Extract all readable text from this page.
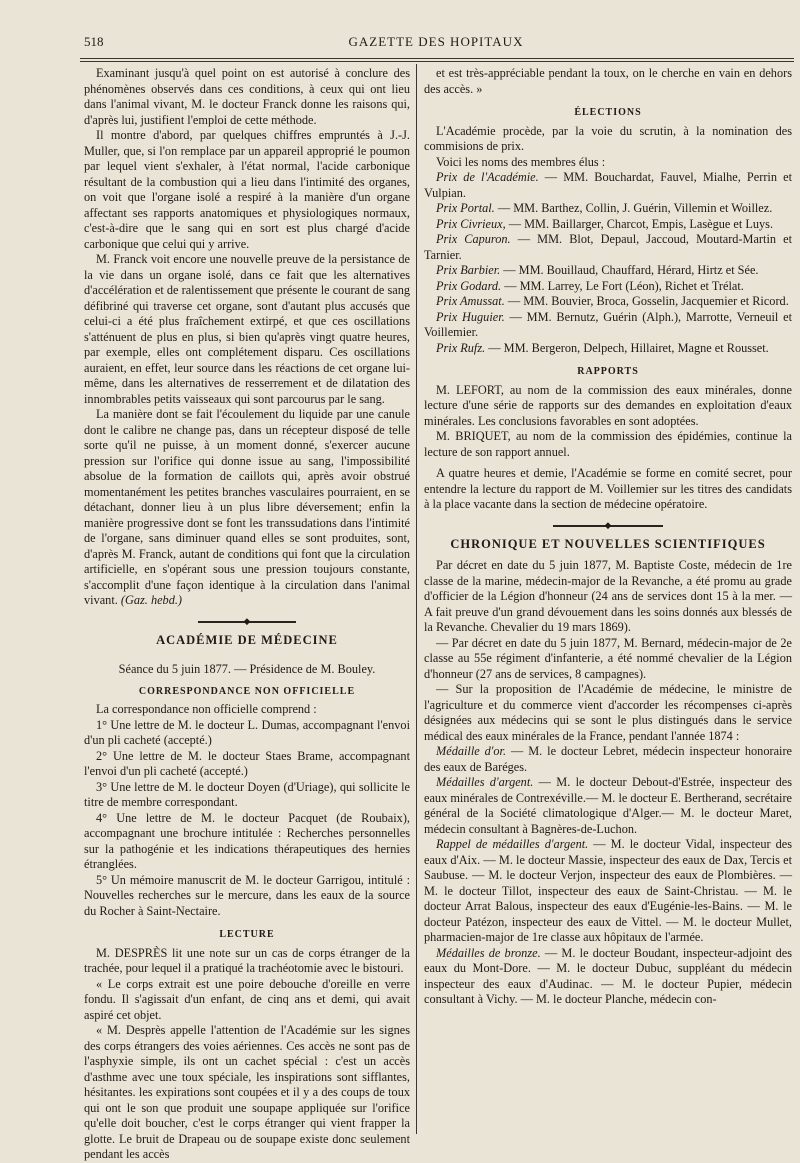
518	GAZETTE DES HOPITAUX

Examinant jusqu'à quel point on est autorisé à conclure des phénomènes observés dans ces conditions, à ceux qui ont lieu dans l'animal vivant, M. le docteur Franck donne les raisons qui, d'après lui, justifient l'emploi de cette méthode.

Il montre d'abord, par quelques chiffres empruntés à J.-J. Muller, que, si l'on remplace par un appareil approprié le poumon par lequel vient s'exhaler, à l'état normal, l'acide carbonique résultant de la combustion qui a lieu dans l'intimité des organes, on voit que l'organe isolé a respiré à la manière d'un organe affectant ses rapports anatomiques et physiologiques normaux, c'est-à-dire que le sang qui en sort est plus chargé d'acide carbonique que celui qui y arrive.

M. Franck voit encore une nouvelle preuve de la persistance de la vie dans un organe isolé, dans ce fait que les alternatives d'accélération et de ralentissement que présente le courant de sang défibriné qui traverse cet organe, sont d'autant plus accusés que celui-ci a été plus fraîchement extirpé, et que ces oscillations s'atténuent de plus en plus, si bien qu'après vingt quatre heures, par exemple, elles ont complétement disparu. Ces oscillations auraient, en effet, leur source dans les réactions de cet organe lui-même, dans les alternatives de resserrement et de dilatation des innombrables petits vaisseaux qui sont parcourus par le sang.

La manière dont se fait l'écoulement du liquide par une canule dont le calibre ne change pas, dans un récepteur disposé de telle sorte qu'il ne puisse, à un moment donné, s'exercer aucune pression sur l'orifice qui donne issue au sang, l'impossibilité absolue de la formation de caillots qui, après avoir obstrué momentanément les petites branches vasculaires pourraient, en se détachant, donner lieu à un plus libre déversement; enfin la manière progressive dont se font les transsudations dans l'intimité de l'organe, sans diminuer quand elles se sont produites, sont, d'après M. Franck, autant de conditions qui font que la circulation artificielle, en s'opérant sous une pression toujours constante, s'accomplit d'une façon identique à la circulation dans l'animal vivant. (Gaz. hebd.)

◆
ACADÉMIE DE MÉDECINE
Séance du 5 juin 1877. — Présidence de M. Bouley.
CORRESPONDANCE NON OFFICIELLE

La correspondance non officielle comprend :

1° Une lettre de M. le docteur L. Dumas, accompagnant l'envoi d'un pli cacheté (accepté.)

2° Une lettre de M. le docteur Staes Brame, accompagnant l'envoi d'un pli cacheté (accepté.)

3° Une lettre de M. le docteur Doyen (d'Uriage), qui sollicite le titre de membre correspondant.

4° Une lettre de M. le docteur Pacquet (de Roubaix), accompagnant une brochure intitulée : Recherches personnelles sur la pathogénie et les indications thérapeutiques des hernies étranglées.

5° Un mémoire manuscrit de M. le docteur Garrigou, intitulé : Nouvelles recherches sur le mercure, dans les eaux de la source du Rocher à Saint-Nectaire.

LECTURE

M. DESPRÈS lit une note sur un cas de corps étranger de la trachée, pour lequel il a pratiqué la trachéotomie avec le bistouri.

« Le corps extrait est une poire debouche d'oreille en verre fondu. Il s'agissait d'un enfant, de cinq ans et demi, qui avait aspiré cet objet.

« M. Desprès appelle l'attention de l'Académie sur les signes des corps étrangers des voies aériennes. Ces accès ne sont pas de l'asphyxie simple, ils ont un cachet spécial : c'est un accès d'asthme avec une toux spéciale, les inspirations sont sifflantes, hésitantes. les expirations sont coupées et il y a des coups de toux qui ont le son que produit une soupape appliquée sur l'orifice qu'elle doit boucher, c'est le corps étranger qui vient frapper la glotte. Le bruit de Drapeau ou de soupape existe donc seulement pendant les accès

et est très-appréciable pendant la toux, on le cherche en vain en dehors des accès. »

ÉLECTIONS

L'Académie procède, par la voie du scrutin, à la nomination des commisions de prix.

Voici les noms des membres élus :

Prix de l'Académie. — MM. Bouchardat, Fauvel, Mialhe, Perrin et Vulpian.

Prix Portal. — MM. Barthez, Collin, J. Guérin, Villemin et Woillez.

Prix Civrieux, — MM. Baillarger, Charcot, Empis, Lasègue et Luys.

Prix Capuron. — MM. Blot, Depaul, Jaccoud, Moutard-Martin et Tarnier.

Prix Barbier. — MM. Bouillaud, Chauffard, Hérard, Hirtz et Sée.

Prix Godard. — MM. Larrey, Le Fort (Léon), Richet et Trélat.

Prix Amussat. — MM. Bouvier, Broca, Gosselin, Jacquemier et Ricord.

Prix Huguier. — MM. Bernutz, Guérin (Alph.), Marrotte, Verneuil et Voillemier.

Prix Rufz. — MM. Bergeron, Delpech, Hillairet, Magne et Rousset.

RAPPORTS

M. LEFORT, au nom de la commission des eaux minérales, donne lecture d'une série de rapports sur des demandes en exploitation d'eaux minérales. Les conclusions favorables en sont adoptées.

M. BRIQUET, au nom de la commission des épidémies, continue la lecture de son rapport annuel.

A quatre heures et demie, l'Académie se forme en comité secret, pour entendre la lecture du rapport de M. Voillemier sur les titres des candidats à la place vacante dans la section de médecine opératoire.

◆
CHRONIQUE ET NOUVELLES SCIENTIFIQUES

Par décret en date du 5 juin 1877, M. Baptiste Coste, médecin de 1re classe de la marine, médecin-major de la Revanche, a été promu au grade d'officier de la Légion d'honneur (24 ans de services dont 15 à la mer. — A fait preuve d'un grand dévouement dans les soins donnés aux blessés de la Revanche. Chevalier du 19 mars 1869).

— Par décret en date du 5 juin 1877, M. Bernard, médecin-major de 2e classe au 55e régiment d'infanterie, a été nommé chevalier de la Légion d'honneur (27 ans de services, 8 campagnes).

— Sur la proposition de l'Académie de médecine, le ministre de l'agriculture et du commerce vient d'accorder les récompenses ci-après désignées aux médecins qui se sont le plus distingués dans le service médical des eaux minérales de la France, pendant l'année 1874 :

Médaille d'or. — M. le docteur Lebret, médecin inspecteur honoraire des eaux de Baréges.

Médailles d'argent. — M. le docteur Debout-d'Estrée, inspecteur des eaux minérales de Contrexéville.— M. le docteur E. Bertherand, secrétaire général de la Société climatologique d'Alger.— M. le docteur Maret, médecin consultant à Bagnères-de-Luchon.

Rappel de médailles d'argent. — M. le docteur Vidal, inspecteur des eaux d'Aix. — M. le docteur Massie, inspecteur des eaux de Dax, Tercis et Saubuse. — M. le docteur Verjon, inspecteur des eaux de Plombières. — M. le docteur Tillot, inspecteur des eaux de Saint-Christau. — M. le docteur Arrat Balous, inspecteur des eaux d'Eugénie-les-Bains. — M. le docteur Patézon, inspecteur des eaux de Vittel. — M. le docteur Mullet, pharmacien-major de 1re classe aux hôpitaux de l'armée.

Médailles de bronze. — M. le docteur Boudant, inspecteur-adjoint des eaux du Mont-Dore. — M. le docteur Dubuc, suppléant du médecin inspecteur des eaux d'Audinac. — M. le docteur Pupier, médecin consultant à Vichy. — M. le docteur Planche, médecin con-
